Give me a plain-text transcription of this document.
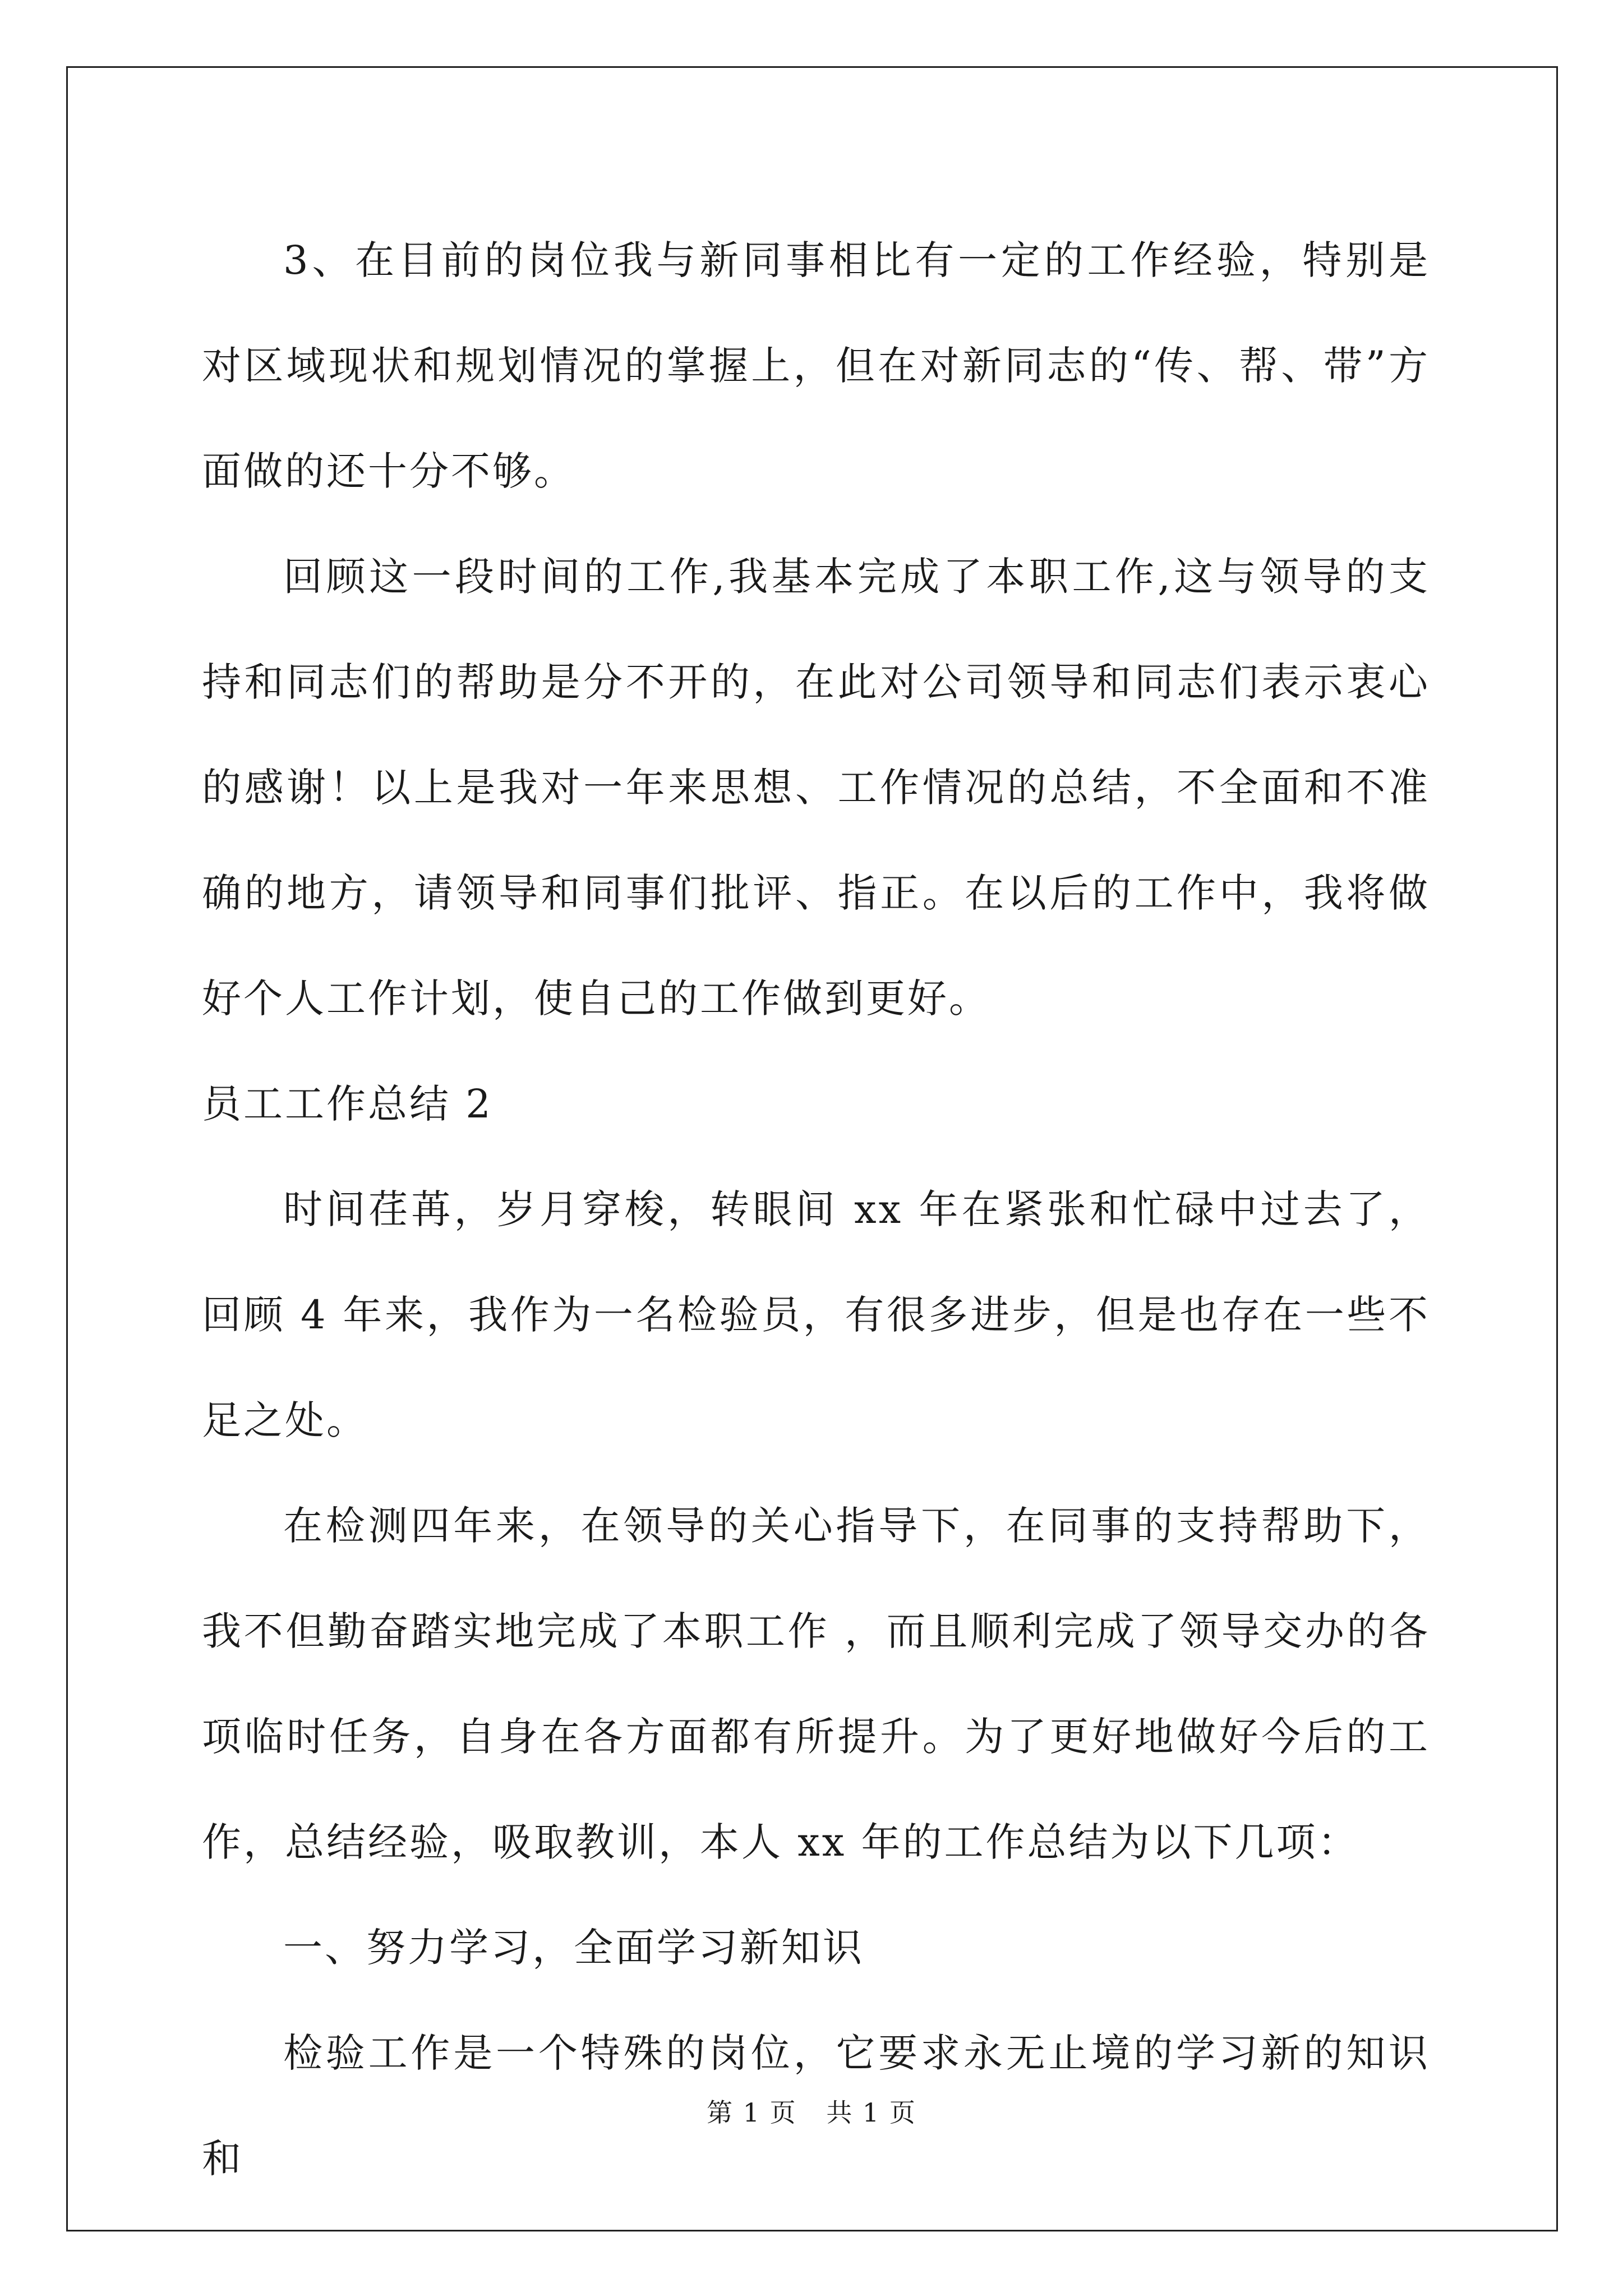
3、在目前的岗位我与新同事相比有一定的工作经验，特别是对区域现状和规划情况的掌握上，但在对新同志的“传、帮、带”方面做的还十分不够。

回顾这一段时间的工作,我基本完成了本职工作,这与领导的支持和同志们的帮助是分不开的，在此对公司领导和同志们表示衷心的感谢！以上是我对一年来思想、工作情况的总结，不全面和不准确的地方，请领导和同事们批评、指正。在以后的工作中，我将做好个人工作计划，使自己的工作做到更好。

员工工作总结 2

时间荏苒，岁月穿梭，转眼间 xx 年在紧张和忙碌中过去了，回顾 4 年来，我作为一名检验员，有很多进步，但是也存在一些不足之处。

在检测四年来，在领导的关心指导下，在同事的支持帮助下，我不但勤奋踏实地完成了本职工作 ，而且顺利完成了领导交办的各项临时任务，自身在各方面都有所提升。为了更好地做好今后的工作，总结经验，吸取教训，本人 xx 年的工作总结为以下几项：

一、努力学习，全面学习新知识

检验工作是一个特殊的岗位，它要求永无止境的学习新的知识和

第 1 页 共 1 页
